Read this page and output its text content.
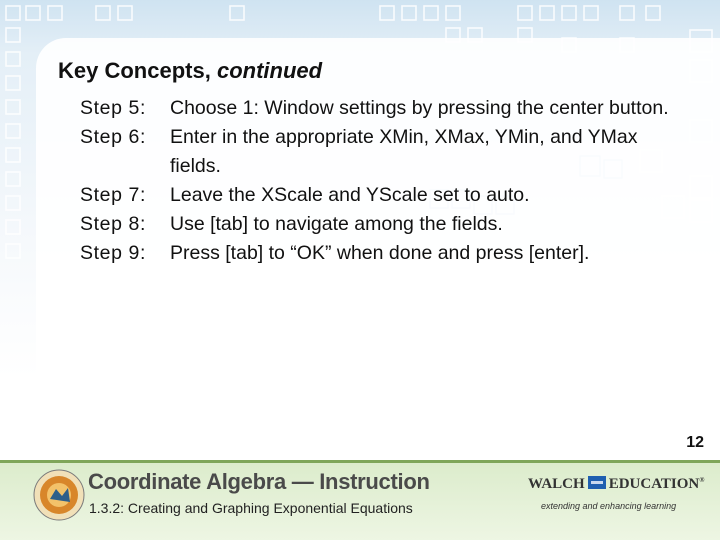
Key Concepts, continued
Step 5:	Choose 1: Window settings by pressing the center button.
Step 6:	Enter in the appropriate XMin, XMax, YMin, and YMax fields.
Step 7:	Leave the XScale and YScale set to auto.
Step 8:	Use [tab] to navigate among the fields.
Step 9:	Press [tab] to “OK” when done and press [enter].
12
Coordinate Algebra — Instruction
1.3.2: Creating and Graphing Exponential Equations
WALCH EDUCATION®
extending and enhancing learning
